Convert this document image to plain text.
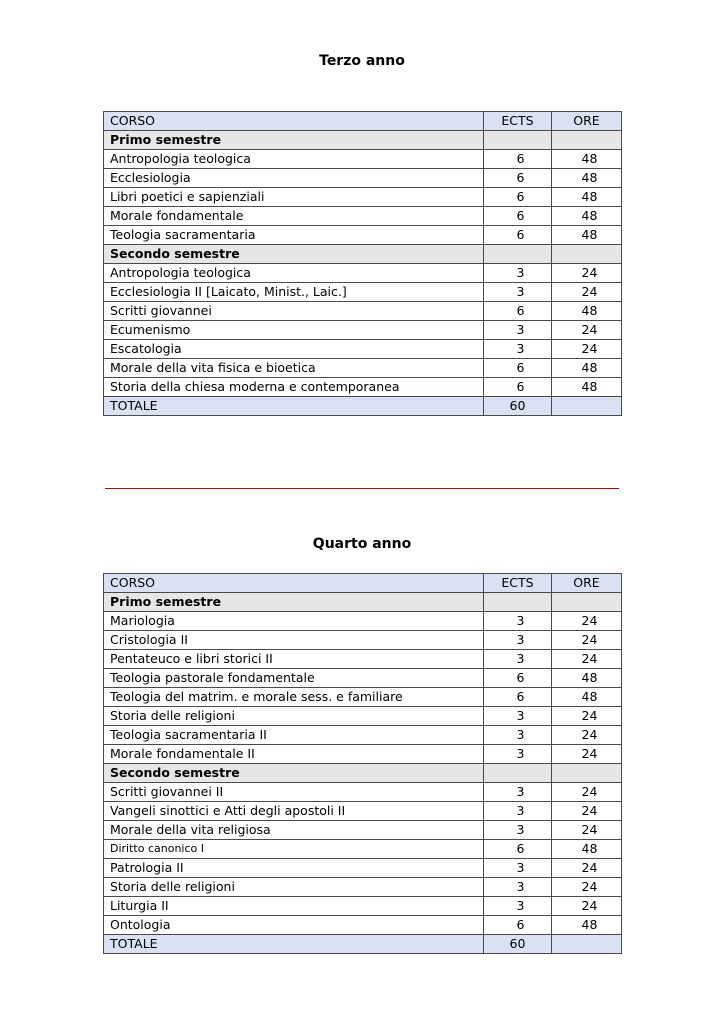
Terzo anno
CORSO	ECTS	ORE
Primo semestre		
Antropologia teologica	6	48
Ecclesiologia	6	48
Libri poetici e sapienziali	6	48
Morale fondamentale	6	48
Teologia sacramentaria	6	48
Secondo semestre		
Antropologia teologica	3	24
Ecclesiologia II [Laicato, Minist., Laic.]	3	24
Scritti giovannei	6	48
Ecumenismo	3	24
Escatologia	3	24
Morale della vita fisica e bioetica	6	48
Storia della chiesa moderna e contemporanea	6	48
TOTALE	60	
Quarto anno
CORSO	ECTS	ORE
Primo semestre		
Mariologia	3	24
Cristologia II	3	24
Pentateuco e libri storici II	3	24
Teologia pastorale fondamentale	6	48
Teologia del matrim. e morale sess. e familiare	6	48
Storia delle religioni	3	24
Teologia sacramentaria II	3	24
Morale fondamentale II	3	24
Secondo semestre		
Scritti giovannei II	3	24
Vangeli sinottici e Atti degli apostoli II	3	24
Morale della vita religiosa	3	24
Diritto canonico I	6	48
Patrologia II	3	24
Storia delle religioni	3	24
Liturgia II	3	24
Ontologia	6	48
TOTALE	60	
